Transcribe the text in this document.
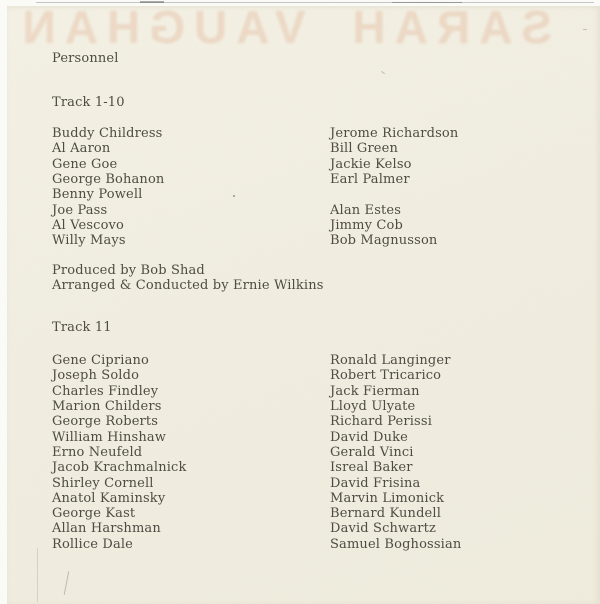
SARAH VAUGHAN
Personnel
Track 1-10
Buddy Childress
Al Aaron
Gene Goe
George Bohanon
Benny Powell
Joe Pass
Al Vescovo
Willy Mays
Jerome Richardson
Bill Green
Jackie Kelso
Earl Palmer
Alan Estes
Jimmy Cob
Bob Magnusson
Produced by Bob Shad
Arranged & Conducted by Ernie Wilkins
Track 11
Gene Cipriano
Joseph Soldo
Charles Findley
Marion Childers
George Roberts
William Hinshaw
Erno Neufeld
Jacob Krachmalnick
Shirley Cornell
Anatol Kaminsky
George Kast
Allan Harshman
Rollice Dale
Ronald Langinger
Robert Tricarico
Jack Fierman
Lloyd Ulyate
Richard Perissi
David Duke
Gerald Vinci
Isreal Baker
David Frisina
Marvin Limonick
Bernard Kundell
David Schwartz
Samuel Boghossian
